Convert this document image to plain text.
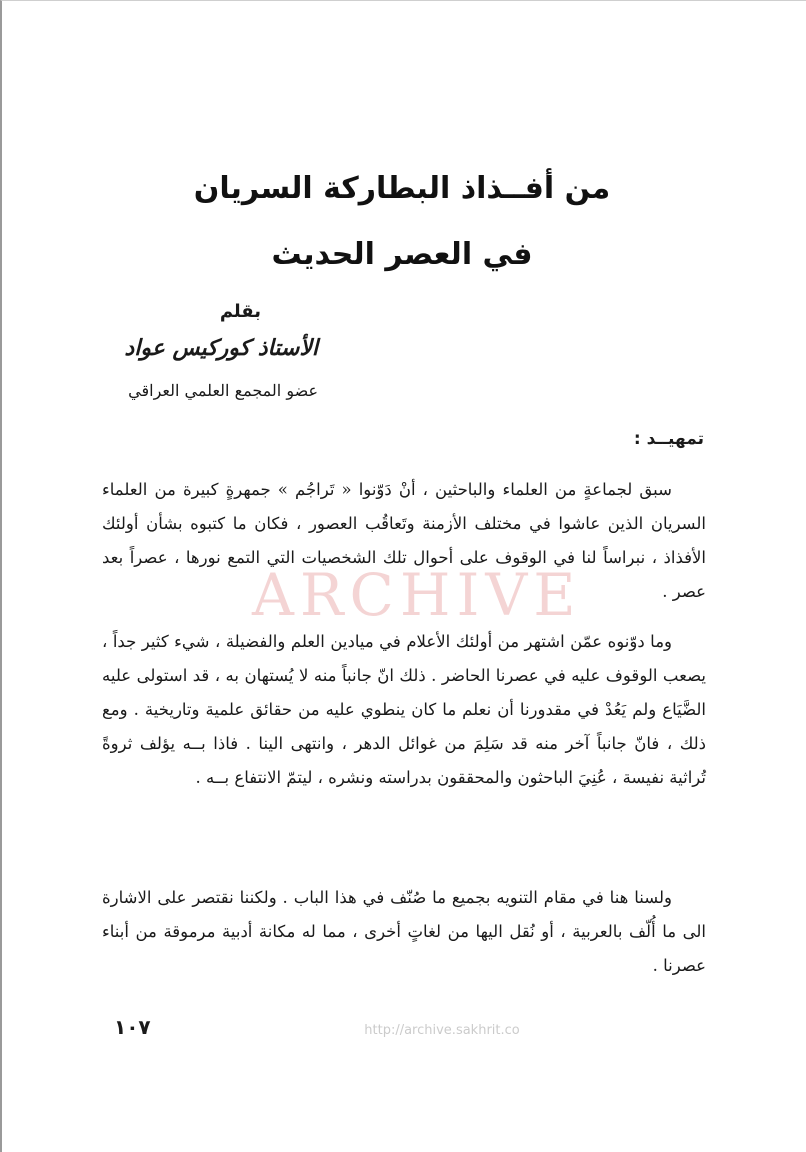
ARCHIVE
من أفــذاذ البطاركة السريان
في العصر الحديث
بقلم
الأستاذ كوركيس عواد
عضو المجمع العلمي العراقي
تمهيــد :
سبق لجماعةٍ من العلماء والباحثين ، أنْ دَوّنوا « تَراجُم » جمهرةٍ كبيرة من العلماء السريان الذين عاشوا في مختلف الأزمنة وتَعاقُب العصور ، فكان ما كتبوه بشأن أولئك الأفذاذ ، نبراساً لنا في الوقوف على أحوال تلك الشخصيات التي التمع نورها ، عصراً بعد عصر .
وما دوّنوه عمّن اشتهر من أولئك الأعلام في ميادين العلم والفضيلة ، شيء كثير جداً ، يصعب الوقوف عليه في عصرنا الحاضر . ذلك انّ جانباً منه لا يُستهان به ، قد استولى عليه الضَّيَاع ولم يَعُدْ في مقدورنا أن نعلم ما كان ينطوي عليه من حقائق علمية وتاريخية . ومع ذلك ، فانّ جانباً آخر منه قد سَلِمَ من غوائل الدهر ، وانتهى الينا . فاذا بــه يؤلف ثروةً تُراثية نفيسة ، عُنِيَ الباحثون والمحققون بدراسته ونشره ، ليتمّ الانتفاع بــه .
ولسنا هنا في مقام التنويه بجميع ما صُنّف في هذا الباب . ولكننا نقتصر على الاشارة الى ما أُلّف بالعربية ، أو نُقل اليها من لغاتٍ أخرى ، مما له مكانة أدبية مرموقة من أبناء عصرنا .
١٠٧	http://archive.sakhrit.co
